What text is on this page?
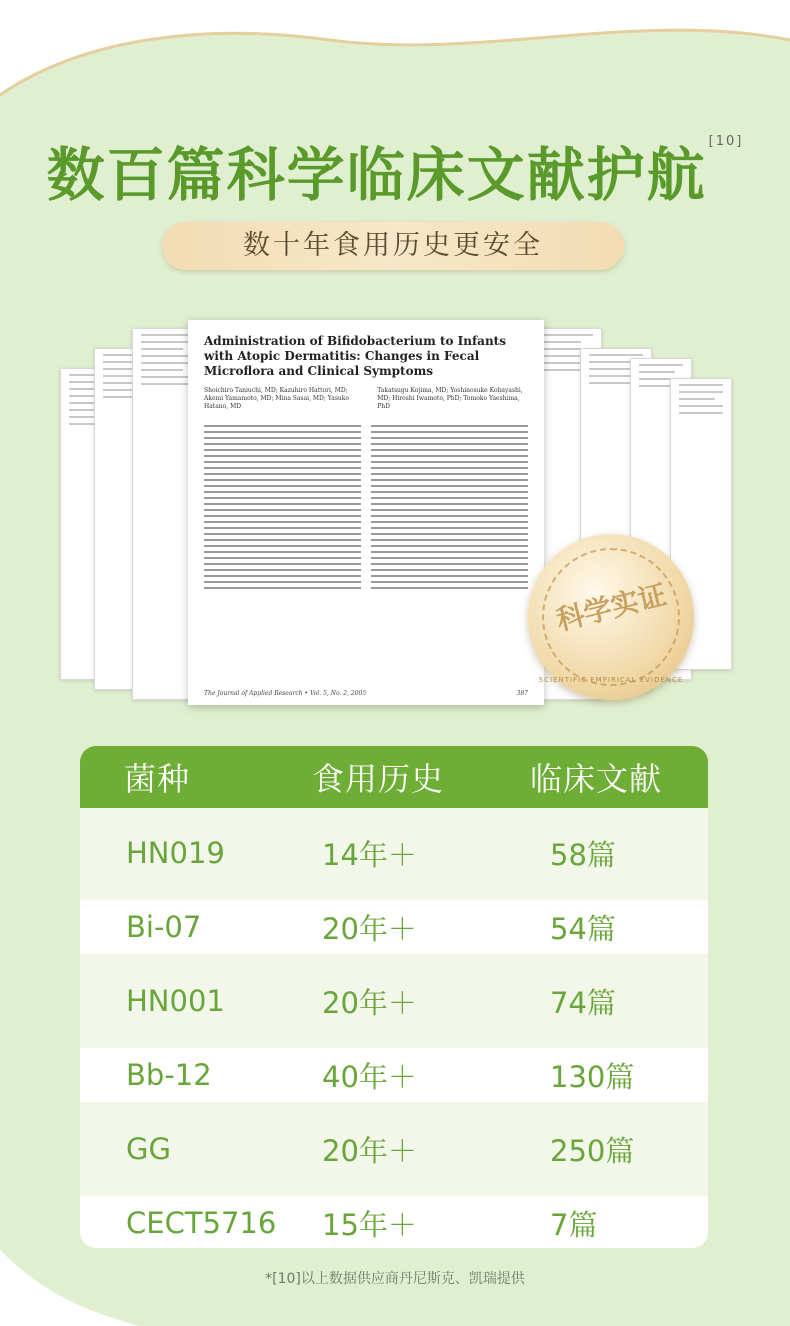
数百篇科学临床文献护航 [10]
数十年食用历史更安全
Administration of Bifidobacterium to Infants with Atopic Dermatitis: Changes in Fecal Microflora and Clinical Symptoms
Shoichiro Taniuchi, MD; Kazuhiro Hattori, MD; Akemi Yamamoto, MD; Mina Sasai, MD; Yasuko Hatano, MD
Takatsugu Kojima, MD; Yoshinosuke Kobayashi, MD; Hiroshi Iwamoto, PhD; Tomoko Yaeshima, PhD
The Journal of Applied Research • Vol. 5, No. 2, 2005	387
科学实证
SCIENTIFIC EMPIRICAL EVIDENCE
菌种	食用历史	临床文献
HN019	14年＋	58篇
Bi-07	20年＋	54篇
HN001	20年＋	74篇
Bb-12	40年＋	130篇
GG	20年＋	250篇
CECT5716 15年＋	7篇
*[10]以上数据供应商丹尼斯克、凯瑞提供
